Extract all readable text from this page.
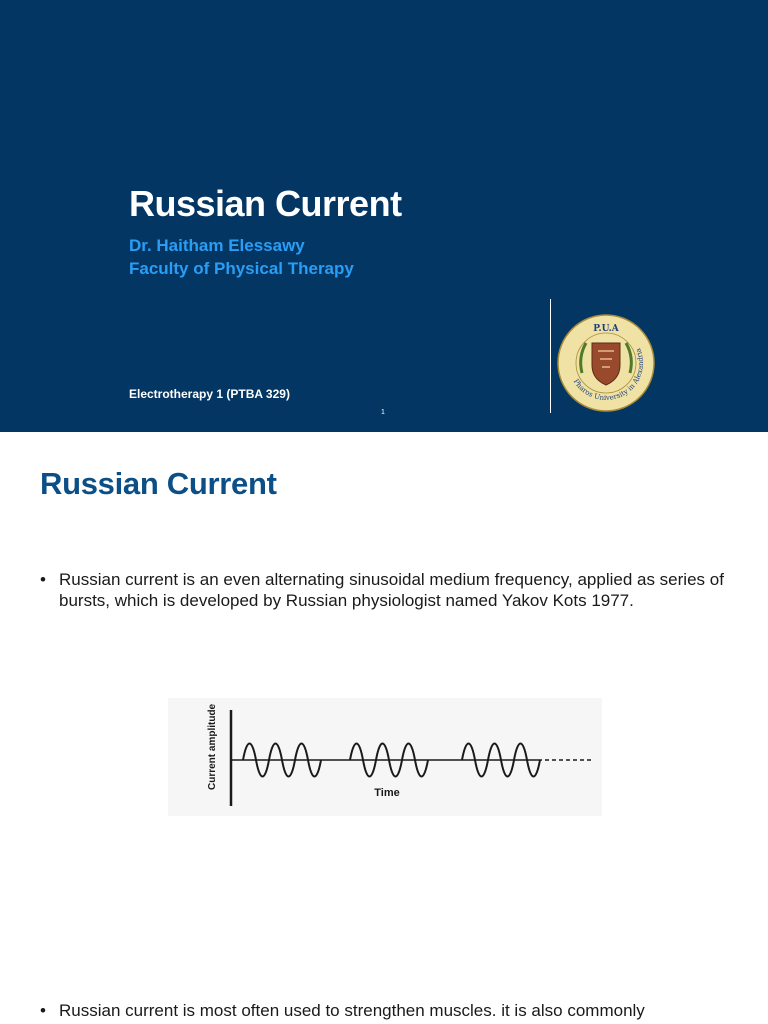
Russian Current
Dr. Haitham Elessawy
Faculty of Physical Therapy
Electrotherapy 1 (PTBA 329)
1
P.U.A
Pharos University in Alexandria
Russian Current
• Russian current is an even alternating sinusoidal medium frequency, applied as series of bursts, which is developed by Russian physiologist named Yakov Kots 1977.
Current amplitude
Time
• Russian current is most often used to strengthen muscles. it is also commonly
